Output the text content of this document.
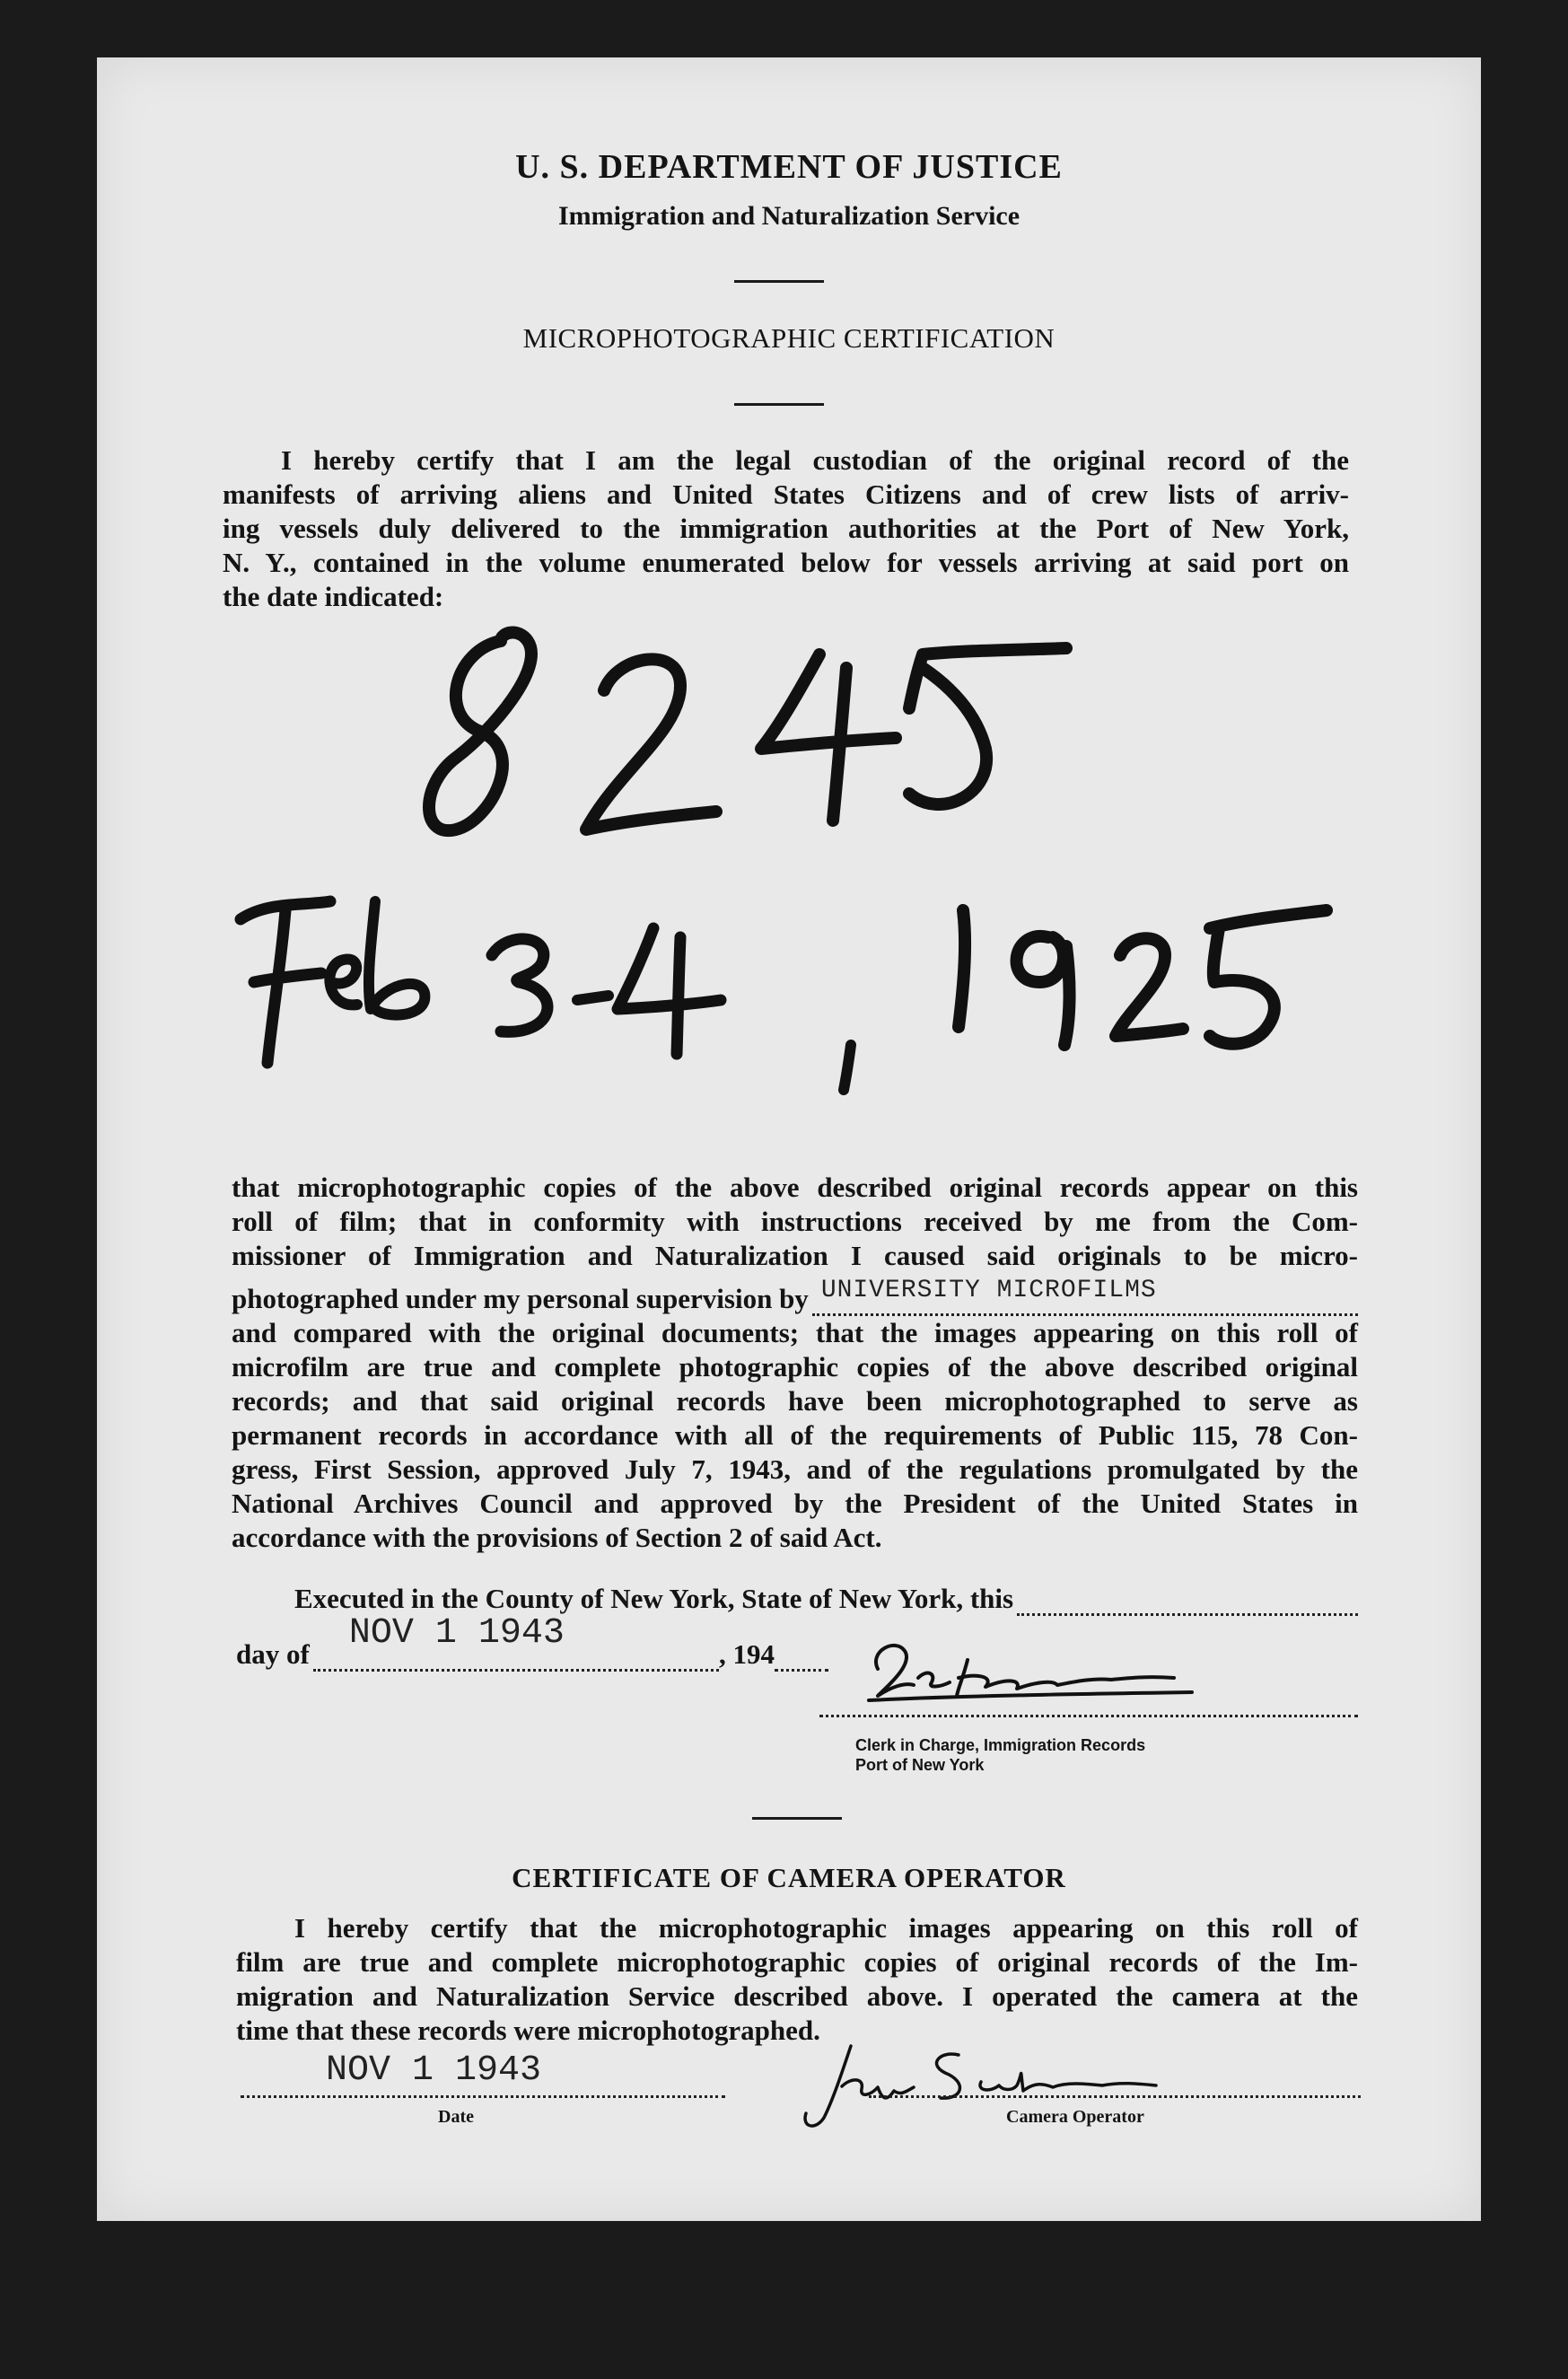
U. S. DEPARTMENT OF JUSTICE
Immigration and Naturalization Service
MICROPHOTOGRAPHIC CERTIFICATION
I hereby certify that I am the legal custodian of the original record of the
manifests of arriving aliens and United States Citizens and of crew lists of arriv-
ing vessels duly delivered to the immigration authorities at the Port of New York,
N. Y., contained in the volume enumerated below for vessels arriving at said port on
the date indicated:
that microphotographic copies of the above described original records appear on this
roll of film; that in conformity with instructions received by me from the Com-
missioner of Immigration and Naturalization I caused said originals to be micro-
photographed under my personal supervision by UNIVERSITY MICROFILMS
and compared with the original documents; that the images appearing on this roll of
microfilm are true and complete photographic copies of the above described original
records; and that said original records have been microphotographed to serve as
permanent records in accordance with all of the requirements of Public 115, 78 Con-
gress, First Session, approved July 7, 1943, and of the regulations promulgated by the
National Archives Council and approved by the President of the United States in
accordance with the provisions of Section 2 of said Act.
Executed in the County of New York, State of New York, this
day of
NOV 1 1943
, 194
Clerk in Charge, Immigration Records
Port of New York
CERTIFICATE OF CAMERA OPERATOR
I hereby certify that the microphotographic images appearing on this roll of
film are true and complete microphotographic copies of original records of the Im-
migration and Naturalization Service described above. I operated the camera at the
time that these records were microphotographed.
NOV 1 1943
Date	Camera Operator
